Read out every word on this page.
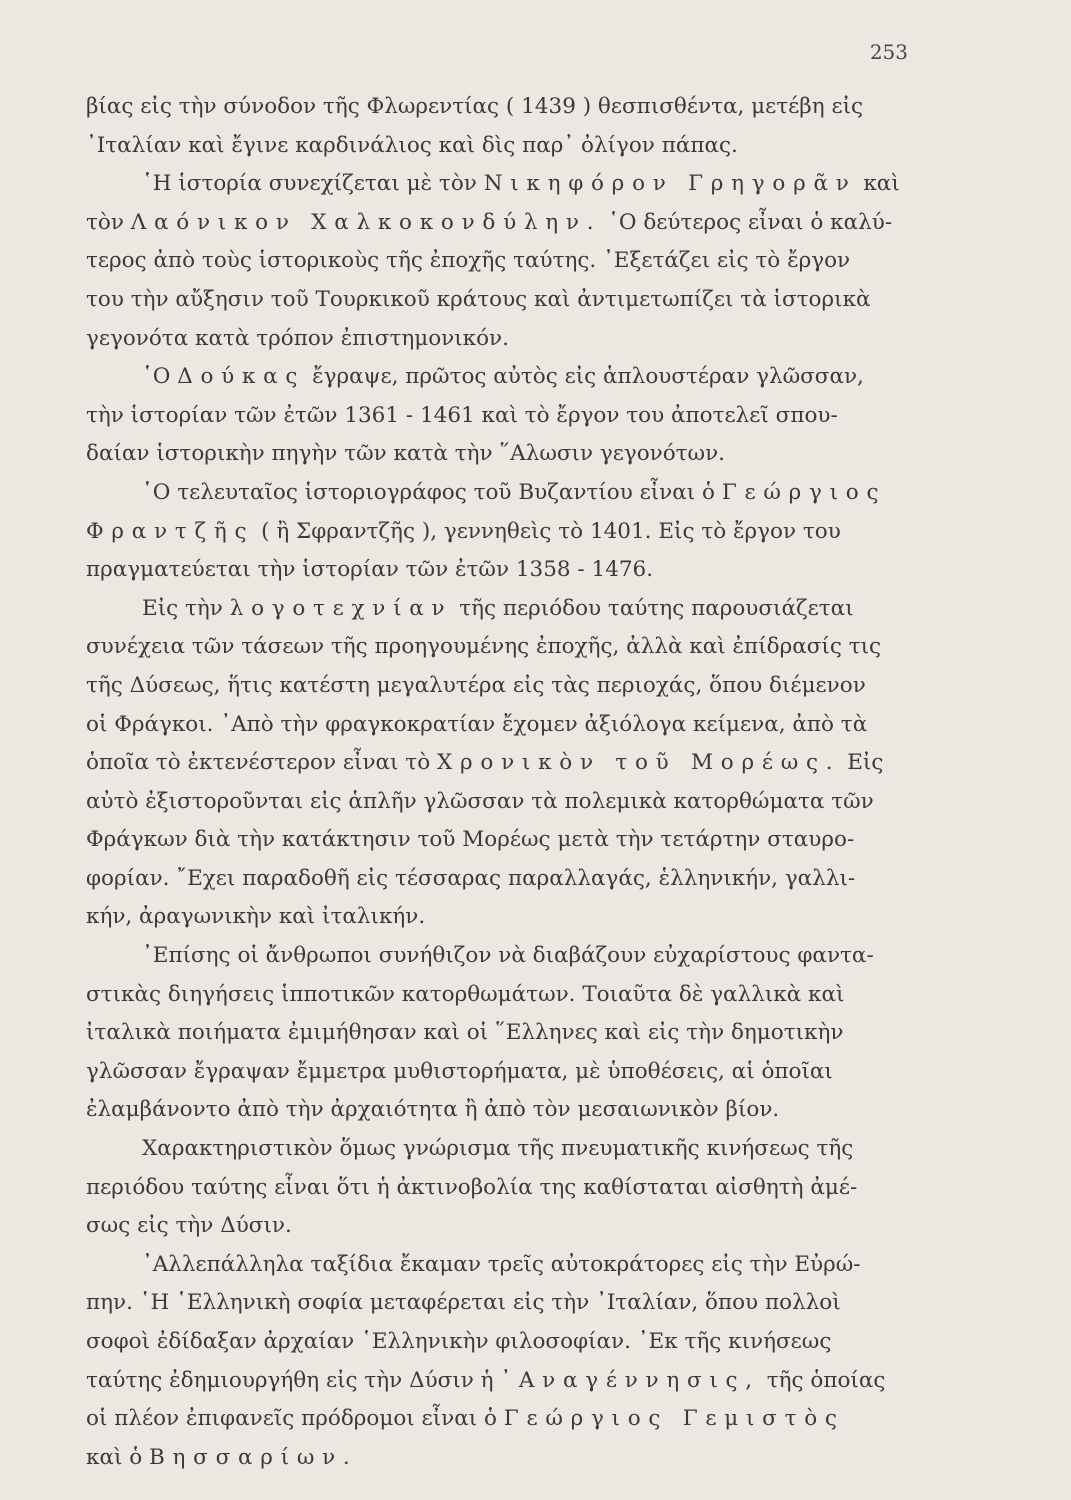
253
βίας εἰς τὴν σύνοδον τῆς Φλωρεντίας ( 1439 ) θεσπισθέντα, μετέβη εἰς
᾿Ιταλίαν καὶ ἔγινε καρδινάλιος καὶ δὶς παρ᾽ ὀλίγον πάπας.
῾Η ἱστορία συνεχίζεται μὲ τὸν Νικηφόρον Γρηγορᾶν καὶ
τὸν Λαόνικον Χαλκοκονδύλην. ῾Ο δεύτερος εἶναι ὁ καλύ-
τερος ἀπὸ τοὺς ἱστορικοὺς τῆς ἐποχῆς ταύτης. ᾿Εξετάζει εἰς τὸ ἔργον
του τὴν αὔξησιν τοῦ Τουρκικοῦ κράτους καὶ ἀντιμετωπίζει τὰ ἱστορικὰ
γεγονότα κατὰ τρόπον ἐπιστημονικόν.
῾Ο Δούκας ἔγραψε, πρῶτος αὐτὸς εἰς ἁπλουστέραν γλῶσσαν,
τὴν ἱστορίαν τῶν ἐτῶν 1361 - 1461 καὶ τὸ ἔργον του ἀποτελεῖ σπου-
δαίαν ἱστορικὴν πηγὴν τῶν κατὰ τὴν ῞Αλωσιν γεγονότων.
῾Ο τελευταῖος ἱστοριογράφος τοῦ Βυζαντίου εἶναι ὁ Γεώργιος
Φραντζῆς ( ἢ Σφραντζῆς ), γεννηθεὶς τὸ 1401. Εἰς τὸ ἔργον του
πραγματεύεται τὴν ἱστορίαν τῶν ἐτῶν 1358 - 1476.
Εἰς τὴν λογοτεχνίαν τῆς περιόδου ταύτης παρουσιάζεται
συνέχεια τῶν τάσεων τῆς προηγουμένης ἐποχῆς, ἀλλὰ καὶ ἐπίδρασίς τις
τῆς Δύσεως, ἥτις κατέστη μεγαλυτέρα εἰς τὰς περιοχάς, ὅπου διέμενον
οἱ Φράγκοι. ᾿Απὸ τὴν φραγκοκρατίαν ἔχομεν ἀξιόλογα κείμενα, ἀπὸ τὰ
ὁποῖα τὸ ἐκτενέστερον εἶναι τὸ Χρονικὸν τοῦ Μορέως. Εἰς
αὐτὸ ἐξιστοροῦνται εἰς ἁπλῆν γλῶσσαν τὰ πολεμικὰ κατορθώματα τῶν
Φράγκων διὰ τὴν κατάκτησιν τοῦ Μορέως μετὰ τὴν τετάρτην σταυρο-
φορίαν. ῎Εχει παραδοθῆ εἰς τέσσαρας παραλλαγάς, ἑλληνικήν, γαλλι-
κήν, ἀραγωνικὴν καὶ ἰταλικήν.
᾿Επίσης οἱ ἄνθρωποι συνήθιζον νὰ διαβάζουν εὐχαρίστους φαντα-
στικὰς διηγήσεις ἱπποτικῶν κατορθωμάτων. Τοιαῦτα δὲ γαλλικὰ καὶ
ἰταλικὰ ποιήματα ἐμιμήθησαν καὶ οἱ ῞Ελληνες καὶ εἰς τὴν δημοτικὴν
γλῶσσαν ἔγραψαν ἔμμετρα μυθιστορήματα, μὲ ὑποθέσεις, αἱ ὁποῖαι
ἐλαμβάνοντο ἀπὸ τὴν ἀρχαιότητα ἢ ἀπὸ τὸν μεσαιωνικὸν βίον.
Χαρακτηριστικὸν ὅμως γνώρισμα τῆς πνευματικῆς κινήσεως τῆς
περιόδου ταύτης εἶναι ὅτι ἡ ἀκτινοβολία της καθίσταται αἰσθητὴ ἀμέ-
σως εἰς τὴν Δύσιν.
᾿Αλλεπάλληλα ταξίδια ἔκαμαν τρεῖς αὐτοκράτορες εἰς τὴν Εὐρώ-
πην. ῾Η ῾Ελληνικὴ σοφία μεταφέρεται εἰς τὴν ᾿Ιταλίαν, ὅπου πολλοὶ
σοφοὶ ἐδίδαξαν ἀρχαίαν ῾Ελληνικὴν φιλοσοφίαν. ᾿Εκ τῆς κινήσεως
ταύτης ἐδημιουργήθη εἰς τὴν Δύσιν ἡ ᾿Αναγέννησις, τῆς ὁποίας
οἱ πλέον ἐπιφανεῖς πρόδρομοι εἶναι ὁ Γεώργιος Γεμιστὸς
καὶ ὁ Βησσαρίων.
